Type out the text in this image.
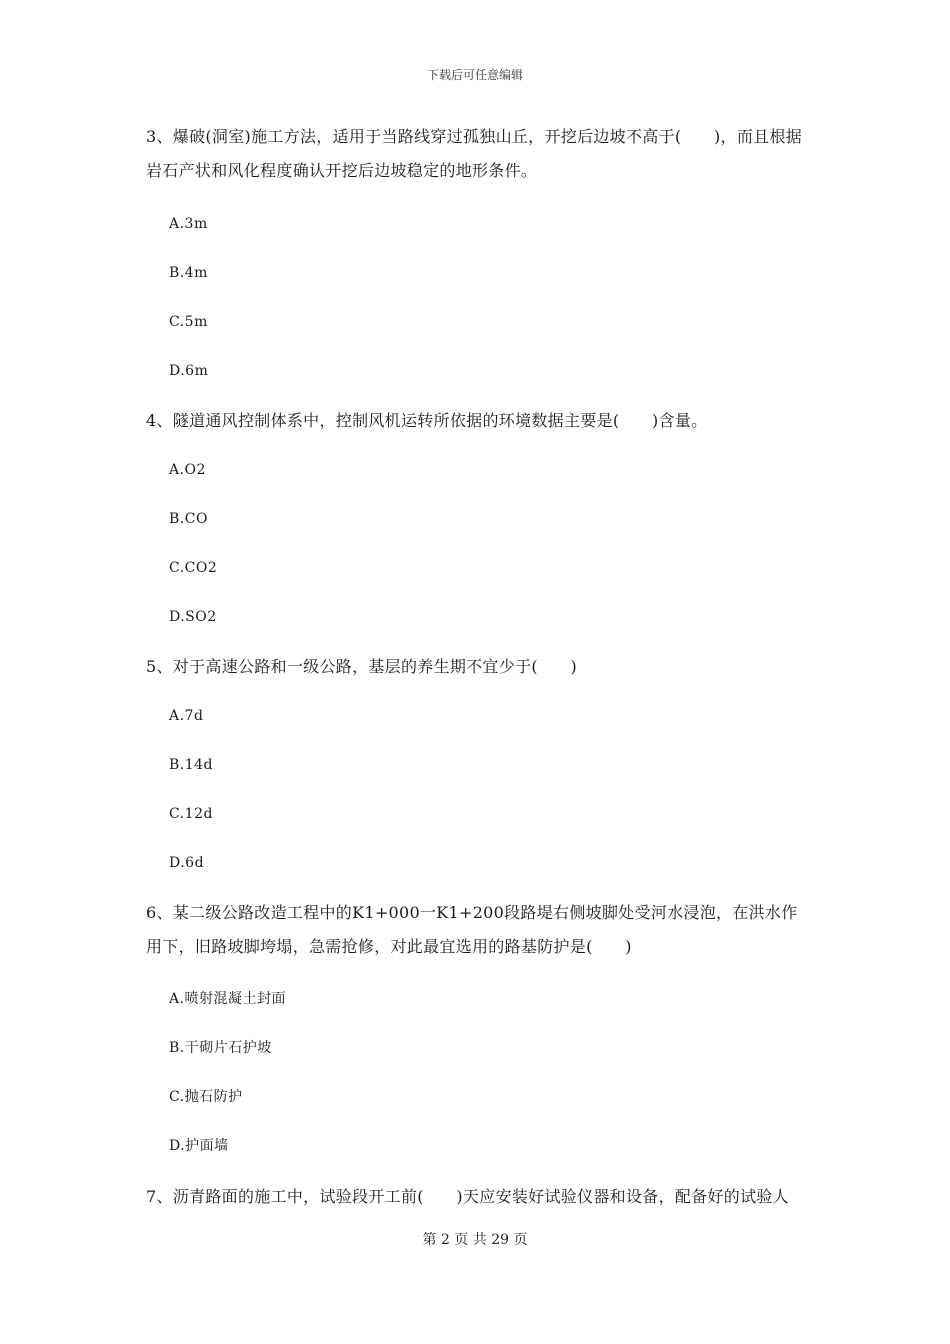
下载后可任意编辑
3、爆破(洞室)施工方法，适用于当路线穿过孤独山丘，开挖后边坡不高于(　　)，而且根据岩石产状和风化程度确认开挖后边坡稳定的地形条件。
A.3m
B.4m
C.5m
D.6m
4、隧道通风控制体系中，控制风机运转所依据的环境数据主要是(　　)含量。
A.O2
B.CO
C.CO2
D.SO2
5、对于高速公路和一级公路，基层的养生期不宜少于(　　)
A.7d
B.14d
C.12d
D.6d
6、某二级公路改造工程中的K1+000一K1+200段路堤右侧坡脚处受河水浸泡，在洪水作用下，旧路坡脚垮塌，急需抢修，对此最宜选用的路基防护是(　　)
A.喷射混凝土封面
B.干砌片石护坡
C.抛石防护
D.护面墙
7、沥青路面的施工中，试验段开工前(　　)天应安装好试验仪器和设备，配备好的试验人
第 2 页 共 29 页
